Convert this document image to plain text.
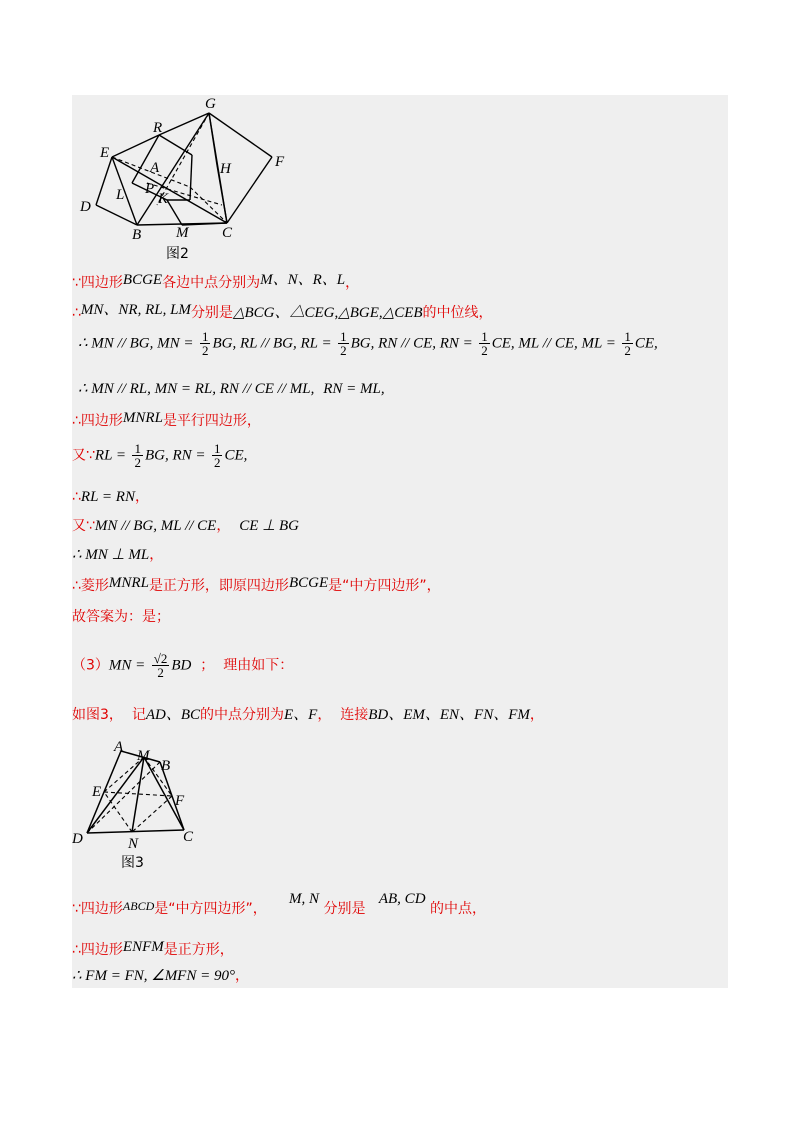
G
R
E
A	H	F
L P
K
D
B M C
图2
∵四边形BCGE各边中点分别为M、N、R、L，
∴MN、NR, RL, LM分别是△BCG、△CEG,△BGE,△CEB的中位线，
∴ MN // BG, MN = $\frac{1}{2}$ BG, RL // BG, RL = $\frac{1}{2}$ BG, RN // CE, RN = $\frac{1}{2}$ CE, ML // CE, ML = $\frac{1}{2}$ CE,
∴ MN // RL, MN = RL, RN // CE // ML, RN = ML,
∴四边形MNRL是平行四边形，
又∵RL = $\frac{1}{2}$ BG, RN = $\frac{1}{2}$ CE,
∴RL = RN，
又∵MN // BG, ML // CE， CE ⊥ BG
∴ MN ⊥ ML，
∴菱形MNRL是正方形，即原四边形BCGE是“中方四边形”，
故答案为：是；
$(3)MN = \frac{√2}{2}$ BD ； 理由如下：
如图3， 记AD、BC的中点分别为E、F， 连接BD、EM、EN、FN、FM，
A
M
B
E
F
D	N	C
图3
∵四边形ABCD是“中方四边形”，     M, N 分别是   AB, CD 的中点，
∴四边形ENFM是正方形，
∴ FM = FN, ∠MFN = 90°，
